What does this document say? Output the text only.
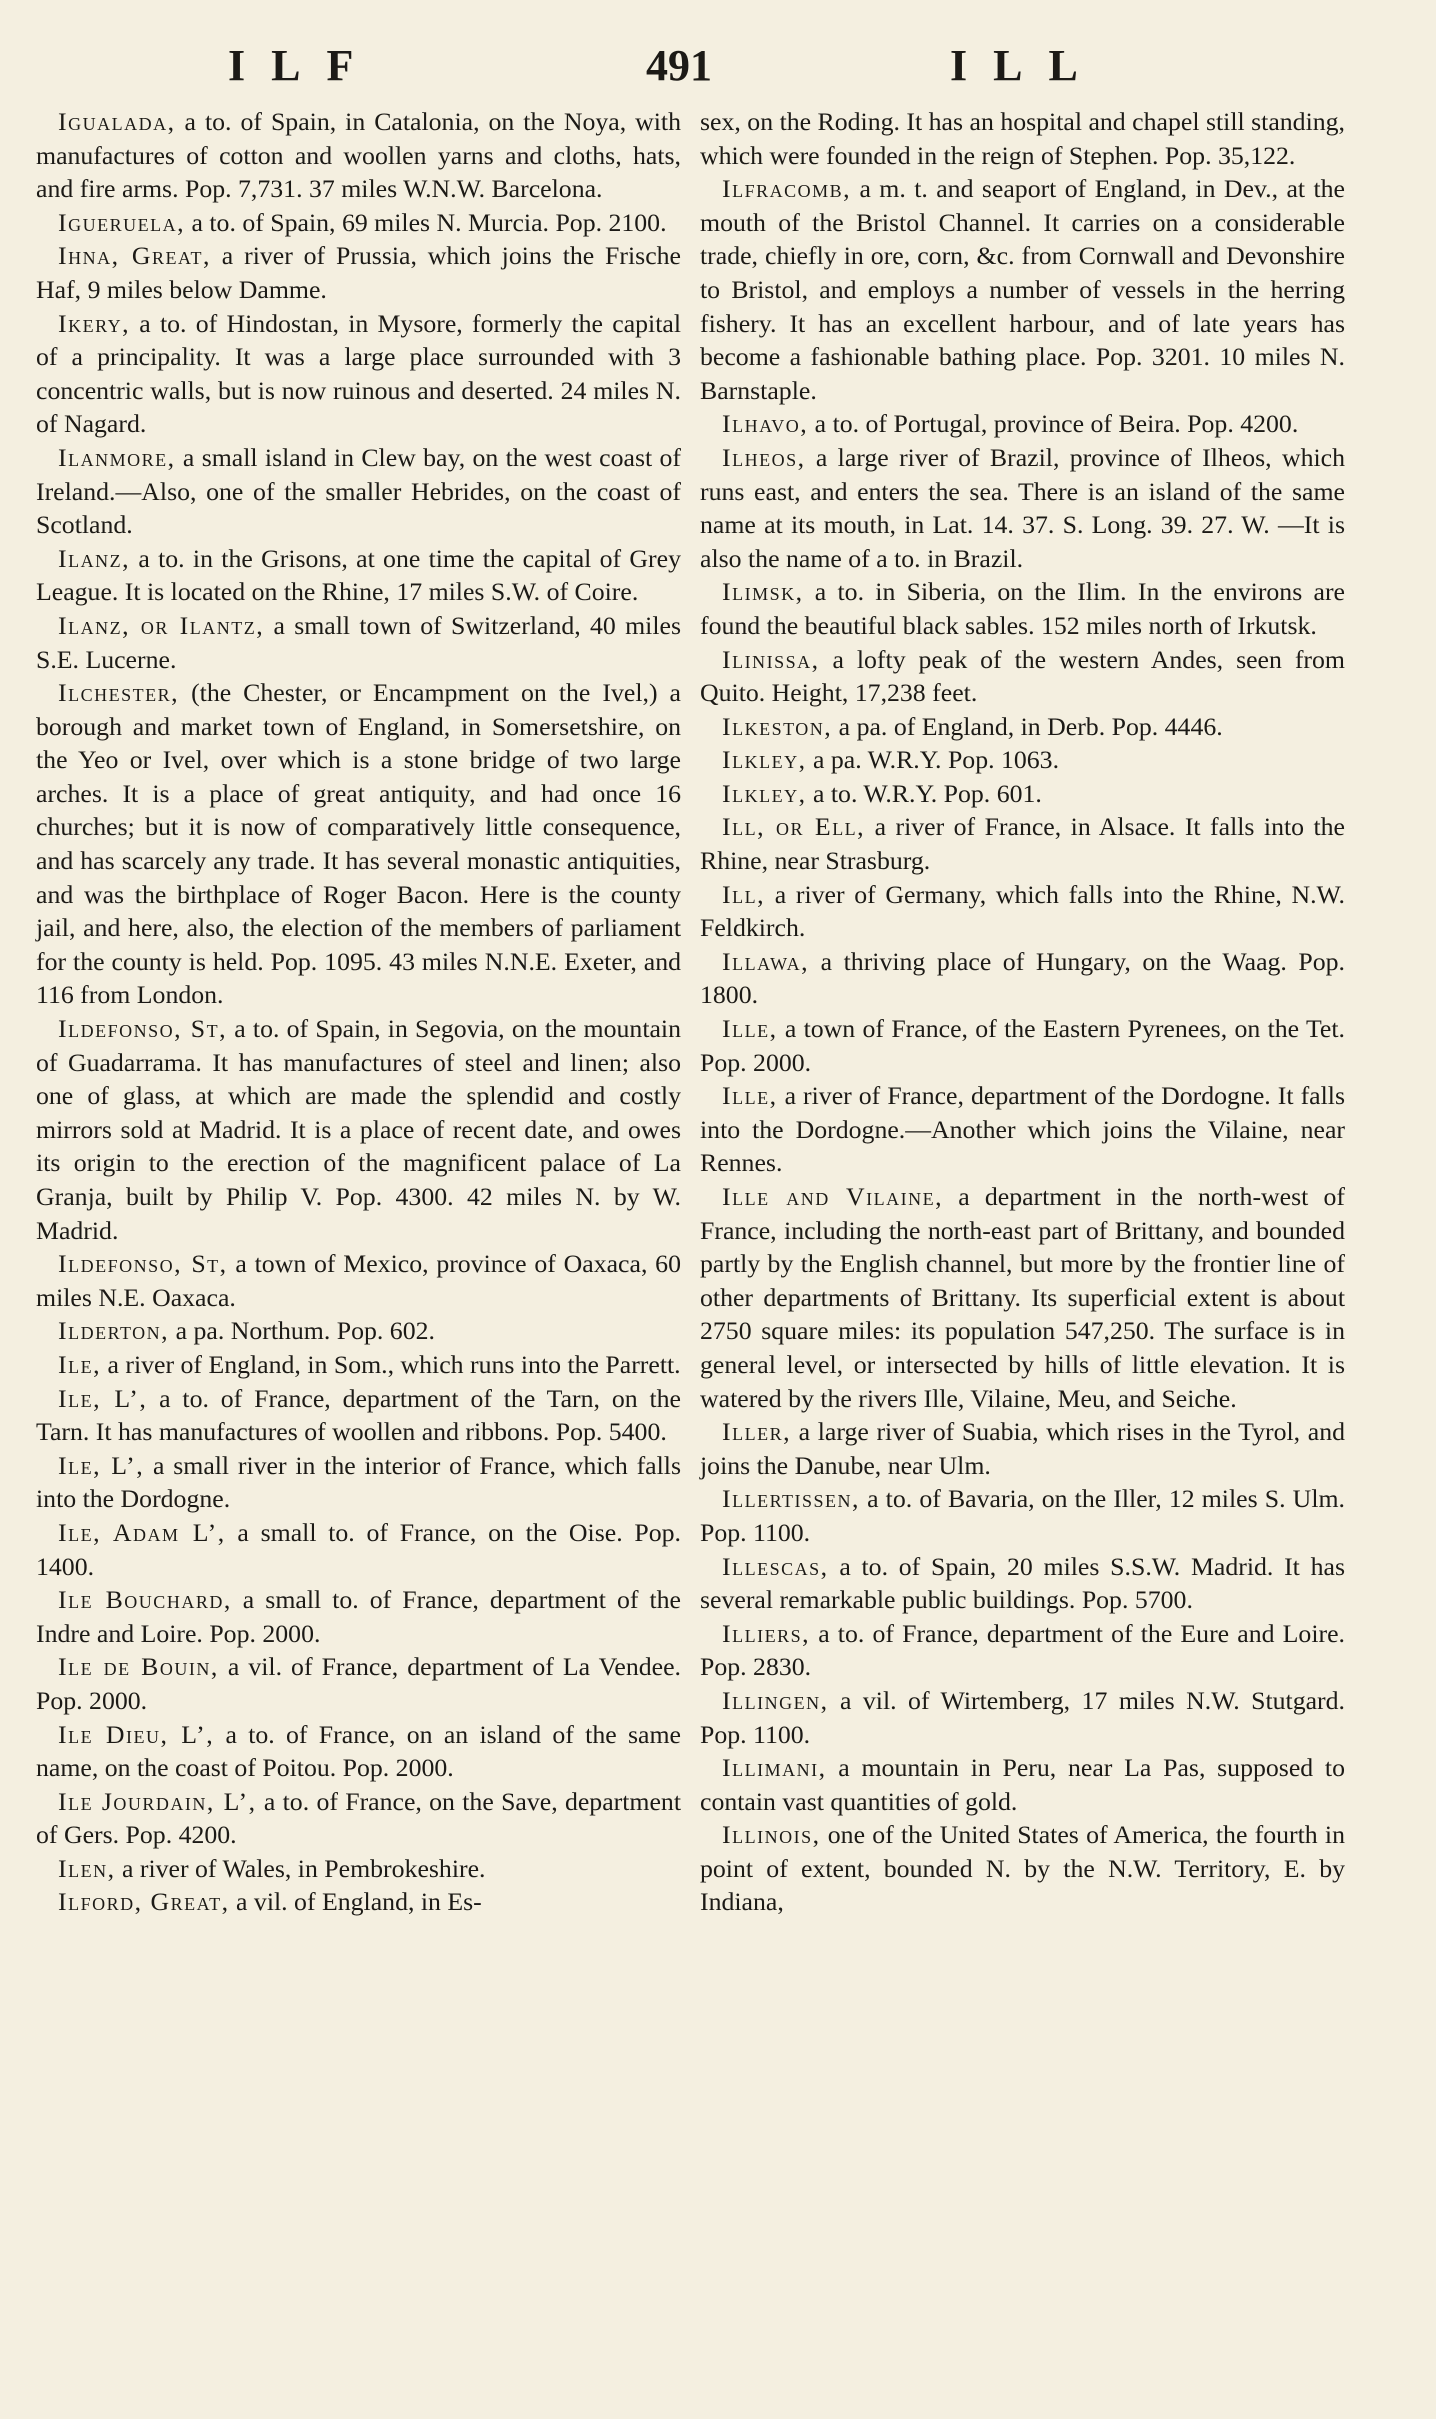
ILF	491	ILL

Igualada, a to. of Spain, in Catalonia, on the Noya, with manufactures of cotton and woollen yarns and cloths, hats, and fire arms. Pop. 7,731. 37 miles W.N.W. Barcelona.

Igueruela, a to. of Spain, 69 miles N. Murcia. Pop. 2100.

Ihna, Great, a river of Prussia, which joins the Frische Haf, 9 miles below Damme.

Ikery, a to. of Hindostan, in Mysore, formerly the capital of a principality. It was a large place surrounded with 3 concentric walls, but is now ruinous and deserted. 24 miles N. of Nagard.

Ilanmore, a small island in Clew bay, on the west coast of Ireland.—Also, one of the smaller Hebrides, on the coast of Scotland.

Ilanz, a to. in the Grisons, at one time the capital of Grey League. It is located on the Rhine, 17 miles S.W. of Coire.

Ilanz, or Ilantz, a small town of Switzerland, 40 miles S.E. Lucerne.

Ilchester, (the Chester, or Encampment on the Ivel,) a borough and market town of England, in Somersetshire, on the Yeo or Ivel, over which is a stone bridge of two large arches. It is a place of great antiquity, and had once 16 churches; but it is now of comparatively little consequence, and has scarcely any trade. It has several monastic antiquities, and was the birthplace of Roger Bacon. Here is the county jail, and here, also, the election of the members of parliament for the county is held. Pop. 1095. 43 miles N.N.E. Exeter, and 116 from London.

Ildefonso, St, a to. of Spain, in Segovia, on the mountain of Guadarrama. It has manufactures of steel and linen; also one of glass, at which are made the splendid and costly mirrors sold at Madrid. It is a place of recent date, and owes its origin to the erection of the magnificent palace of La Granja, built by Philip V. Pop. 4300. 42 miles N. by W. Madrid.

Ildefonso, St, a town of Mexico, province of Oaxaca, 60 miles N.E. Oaxaca.

Ilderton, a pa. Northum. Pop. 602.

Ile, a river of England, in Som., which runs into the Parrett.

Ile, L’, a to. of France, department of the Tarn, on the Tarn. It has manufactures of woollen and ribbons. Pop. 5400.

Ile, L’, a small river in the interior of France, which falls into the Dordogne.

Ile, Adam L’, a small to. of France, on the Oise. Pop. 1400.

Ile Bouchard, a small to. of France, department of the Indre and Loire. Pop. 2000.

Ile de Bouin, a vil. of France, department of La Vendee. Pop. 2000.

Ile Dieu, L’, a to. of France, on an island of the same name, on the coast of Poitou. Pop. 2000.

Ile Jourdain, L’, a to. of France, on the Save, department of Gers. Pop. 4200.

Ilen, a river of Wales, in Pembrokeshire.

Ilford, Great, a vil. of England, in Es-

sex, on the Roding. It has an hospital and chapel still standing, which were founded in the reign of Stephen. Pop. 35,122.

Ilfracomb, a m. t. and seaport of England, in Dev., at the mouth of the Bristol Channel. It carries on a considerable trade, chiefly in ore, corn, &c. from Cornwall and Devonshire to Bristol, and employs a number of vessels in the herring fishery. It has an excellent harbour, and of late years has become a fashionable bathing place. Pop. 3201. 10 miles N. Barnstaple.

Ilhavo, a to. of Portugal, province of Beira. Pop. 4200.

Ilheos, a large river of Brazil, province of Ilheos, which runs east, and enters the sea. There is an island of the same name at its mouth, in Lat. 14. 37. S. Long. 39. 27. W. —It is also the name of a to. in Brazil.

Ilimsk, a to. in Siberia, on the Ilim. In the environs are found the beautiful black sables. 152 miles north of Irkutsk.

Ilinissa, a lofty peak of the western Andes, seen from Quito. Height, 17,238 feet.

Ilkeston, a pa. of England, in Derb. Pop. 4446.

Ilkley, a pa. W.R.Y. Pop. 1063.

Ilkley, a to. W.R.Y. Pop. 601.

Ill, or Ell, a river of France, in Alsace. It falls into the Rhine, near Strasburg.

Ill, a river of Germany, which falls into the Rhine, N.W. Feldkirch.

Illawa, a thriving place of Hungary, on the Waag. Pop. 1800.

Ille, a town of France, of the Eastern Pyrenees, on the Tet. Pop. 2000.

Ille, a river of France, department of the Dordogne. It falls into the Dordogne.—Another which joins the Vilaine, near Rennes.

Ille and Vilaine, a department in the north-west of France, including the north-east part of Brittany, and bounded partly by the English channel, but more by the frontier line of other departments of Brittany. Its superficial extent is about 2750 square miles: its population 547,250. The surface is in general level, or intersected by hills of little elevation. It is watered by the rivers Ille, Vilaine, Meu, and Seiche.

Iller, a large river of Suabia, which rises in the Tyrol, and joins the Danube, near Ulm.

Illertissen, a to. of Bavaria, on the Iller, 12 miles S. Ulm. Pop. 1100.

Illescas, a to. of Spain, 20 miles S.S.W. Madrid. It has several remarkable public buildings. Pop. 5700.

Illiers, a to. of France, department of the Eure and Loire. Pop. 2830.

Illingen, a vil. of Wirtemberg, 17 miles N.W. Stutgard. Pop. 1100.

Illimani, a mountain in Peru, near La Pas, supposed to contain vast quantities of gold.

Illinois, one of the United States of America, the fourth in point of extent, bounded N. by the N.W. Territory, E. by Indiana,
